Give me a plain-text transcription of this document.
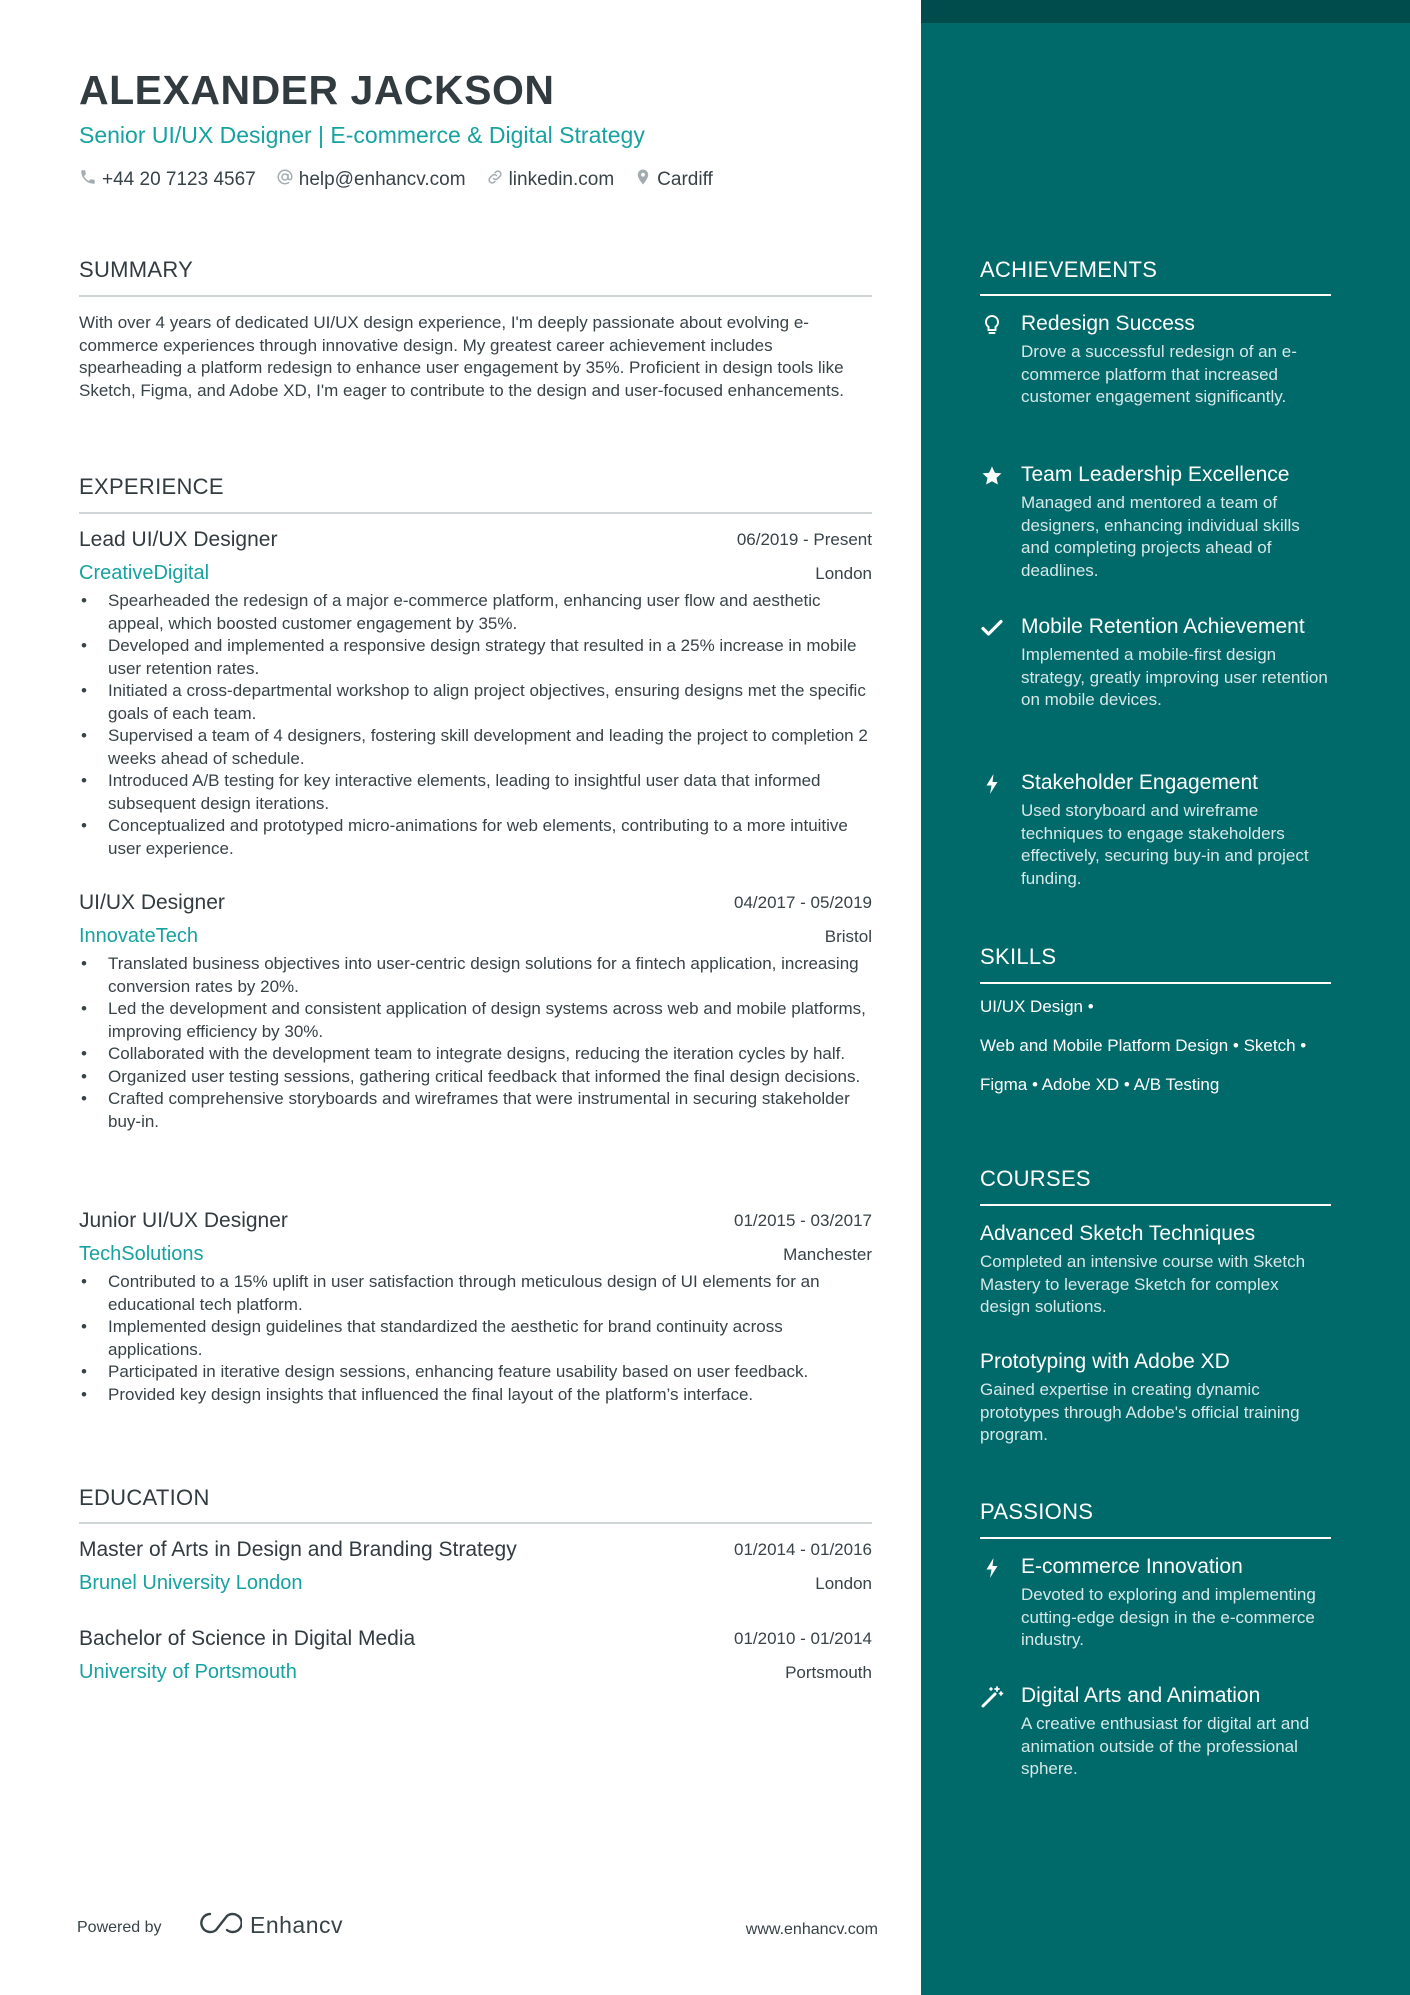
ALEXANDER JACKSON
Senior UI/UX Designer | E-commerce & Digital Strategy
+44 20 7123 4567 help@enhancv.com linkedin.com Cardiff
SUMMARY

With over 4 years of dedicated UI/UX design experience, I'm deeply passionate about evolving e-commerce experiences through innovative design. My greatest career achievement includes spearheading a platform redesign to enhance user engagement by 35%. Proficient in design tools like Sketch, Figma, and Adobe XD, I'm eager to contribute to the design and user-focused enhancements.

EXPERIENCE
Lead UI/UX Designer	06/2019 - Present
CreativeDigital	London
• Spearheaded the redesign of a major e-commerce platform, enhancing user flow and aesthetic appeal, which boosted customer engagement by 35%.
• Developed and implemented a responsive design strategy that resulted in a 25% increase in mobile user retention rates.
• Initiated a cross-departmental workshop to align project objectives, ensuring designs met the specific goals of each team.
• Supervised a team of 4 designers, fostering skill development and leading the project to completion 2 weeks ahead of schedule.
• Introduced A/B testing for key interactive elements, leading to insightful user data that informed subsequent design iterations.
• Conceptualized and prototyped micro-animations for web elements, contributing to a more intuitive user experience.
UI/UX Designer	04/2017 - 05/2019
InnovateTech	Bristol
• Translated business objectives into user-centric design solutions for a fintech application, increasing conversion rates by 20%.
• Led the development and consistent application of design systems across web and mobile platforms, improving efficiency by 30%.
• Collaborated with the development team to integrate designs, reducing the iteration cycles by half.
• Organized user testing sessions, gathering critical feedback that informed the final design decisions.
• Crafted comprehensive storyboards and wireframes that were instrumental in securing stakeholder buy-in.
Junior UI/UX Designer	01/2015 - 03/2017
TechSolutions	Manchester
• Contributed to a 15% uplift in user satisfaction through meticulous design of UI elements for an educational tech platform.
• Implemented design guidelines that standardized the aesthetic for brand continuity across applications.
• Participated in iterative design sessions, enhancing feature usability based on user feedback.
• Provided key design insights that influenced the final layout of the platform’s interface.
EDUCATION
Master of Arts in Design and Branding Strategy	01/2014 - 01/2016
Brunel University London	London
Bachelor of Science in Digital Media	01/2010 - 01/2014
University of Portsmouth	Portsmouth
Powered by	Enhancv	www.enhancv.com
ACHIEVEMENTS
Redesign Success
Drove a successful redesign of an e-commerce platform that increased customer engagement significantly.
Team Leadership Excellence
Managed and mentored a team of designers, enhancing individual skills and completing projects ahead of deadlines.
Mobile Retention Achievement
Implemented a mobile-first design strategy, greatly improving user retention on mobile devices.
Stakeholder Engagement
Used storyboard and wireframe techniques to engage stakeholders effectively, securing buy-in and project funding.
SKILLS
UI/UX Design •
Web and Mobile Platform Design • Sketch •
Figma • Adobe XD • A/B Testing
COURSES
Advanced Sketch Techniques
Completed an intensive course with Sketch Mastery to leverage Sketch for complex design solutions.
Prototyping with Adobe XD
Gained expertise in creating dynamic prototypes through Adobe's official training program.
PASSIONS
E-commerce Innovation
Devoted to exploring and implementing cutting-edge design in the e-commerce industry.
Digital Arts and Animation
A creative enthusiast for digital art and animation outside of the professional sphere.
